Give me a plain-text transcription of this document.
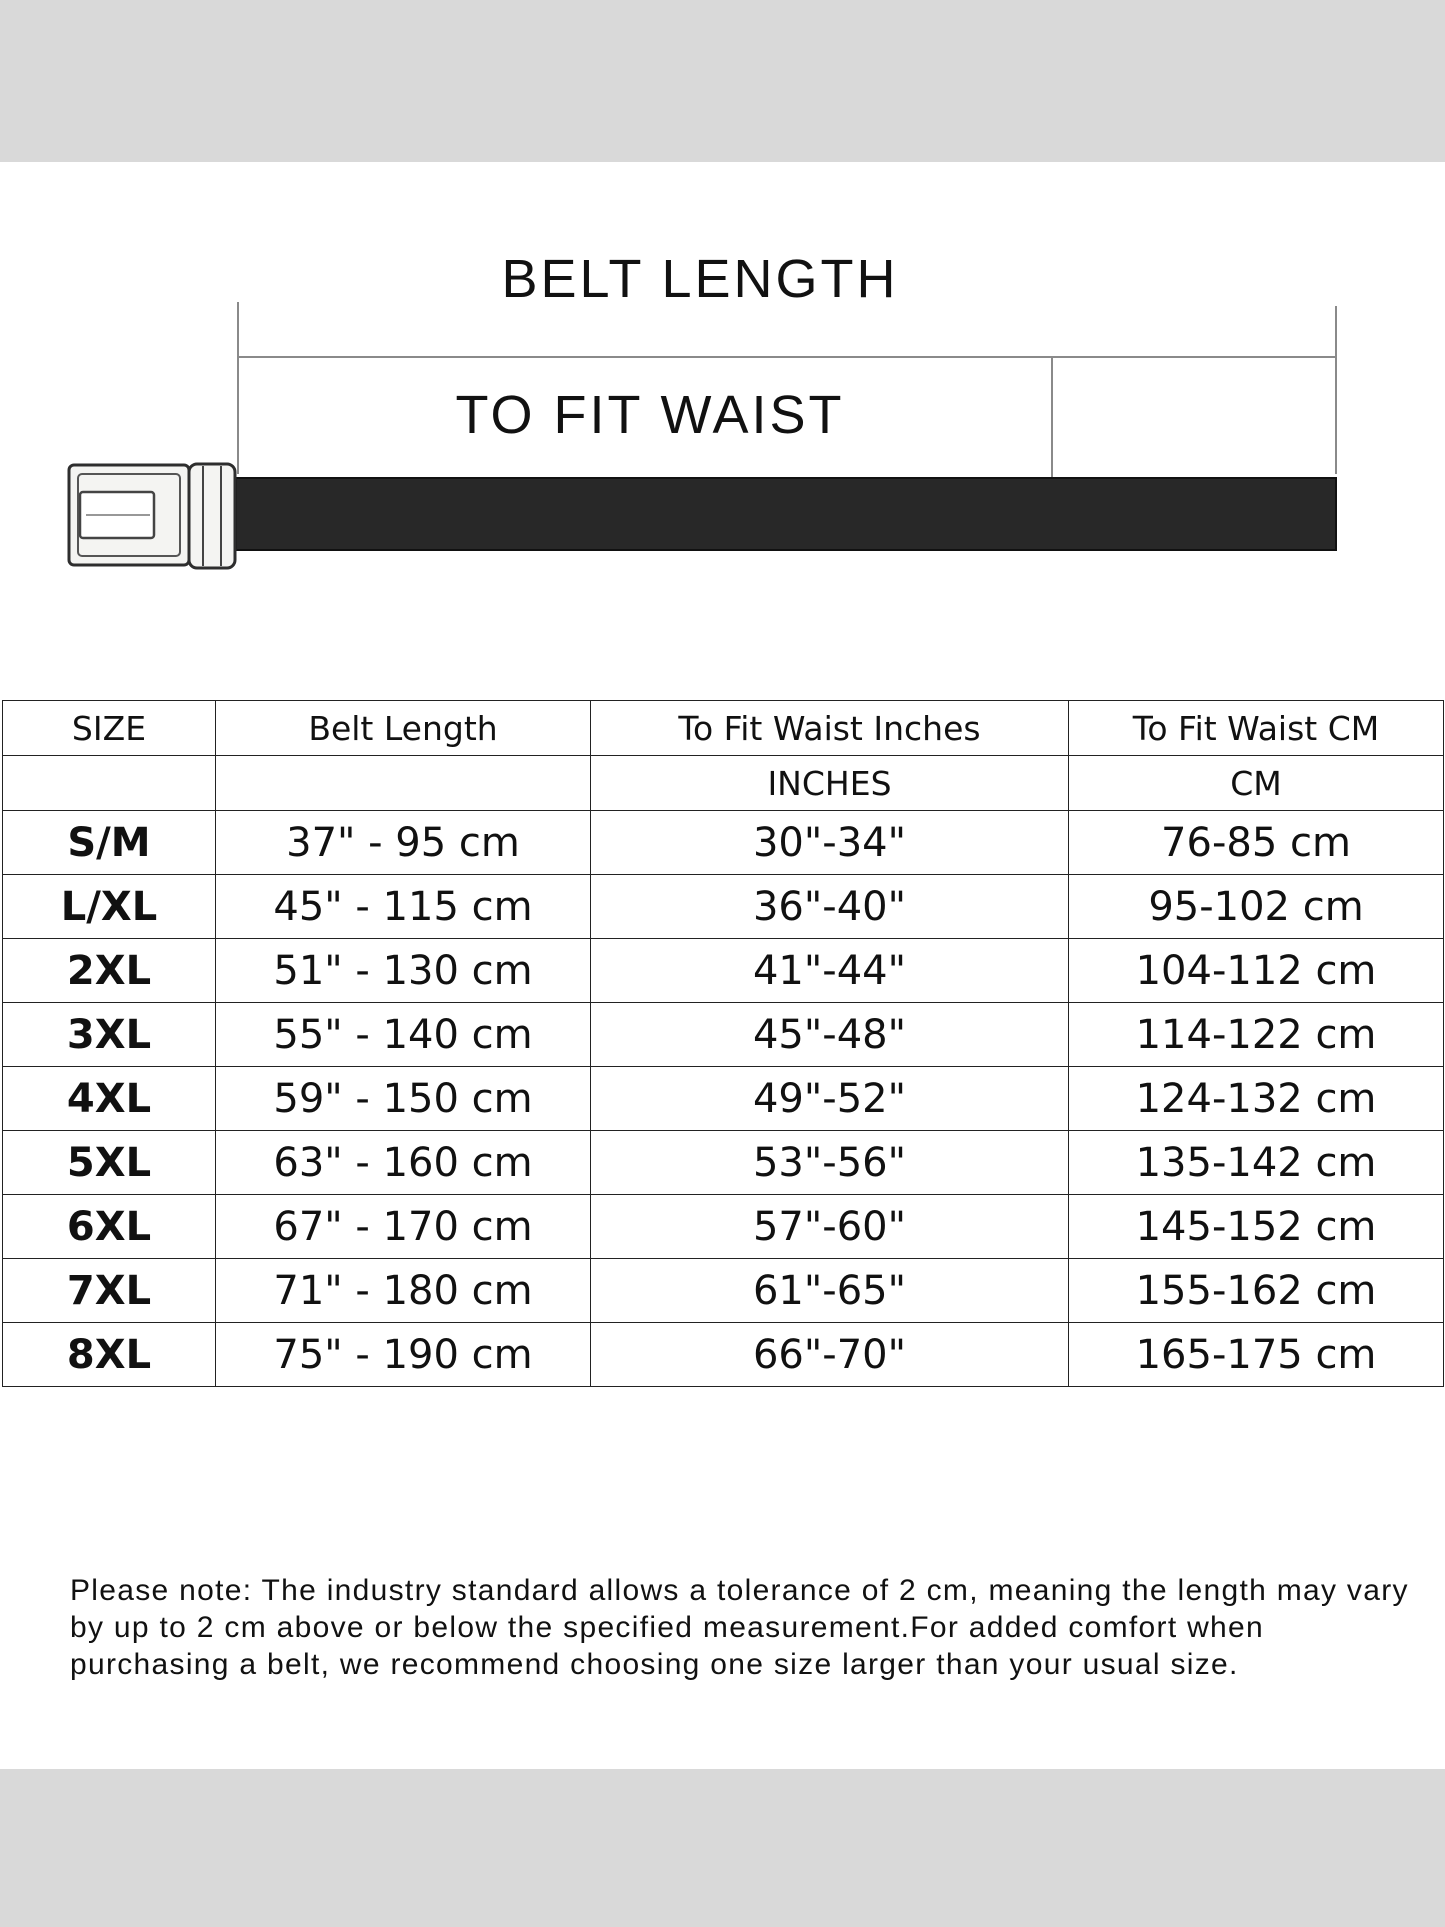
BELT LENGTH
TO FIT WAIST
SIZE	Belt Length	To Fit Waist Inches	To Fit Waist CM
		INCHES	CM
S/M	37" - 95 cm	30"-34"	76-85 cm
L/XL	45" - 115 cm	36"-40"	95-102 cm
2XL	51" - 130 cm	41"-44"	104-112 cm
3XL	55" - 140 cm	45"-48"	114-122 cm
4XL	59" - 150 cm	49"-52"	124-132 cm
5XL	63" - 160 cm	53"-56"	135-142 cm
6XL	67" - 170 cm	57"-60"	145-152 cm
7XL	71" - 180 cm	61"-65"	155-162 cm
8XL	75" - 190 cm	66"-70"	165-175 cm
Please note: The industry standard allows a tolerance of 2 cm, meaning the length may vary by up to 2 cm above or below the specified measurement.For added comfort when purchasing a belt, we recommend choosing one size larger than your usual size.
